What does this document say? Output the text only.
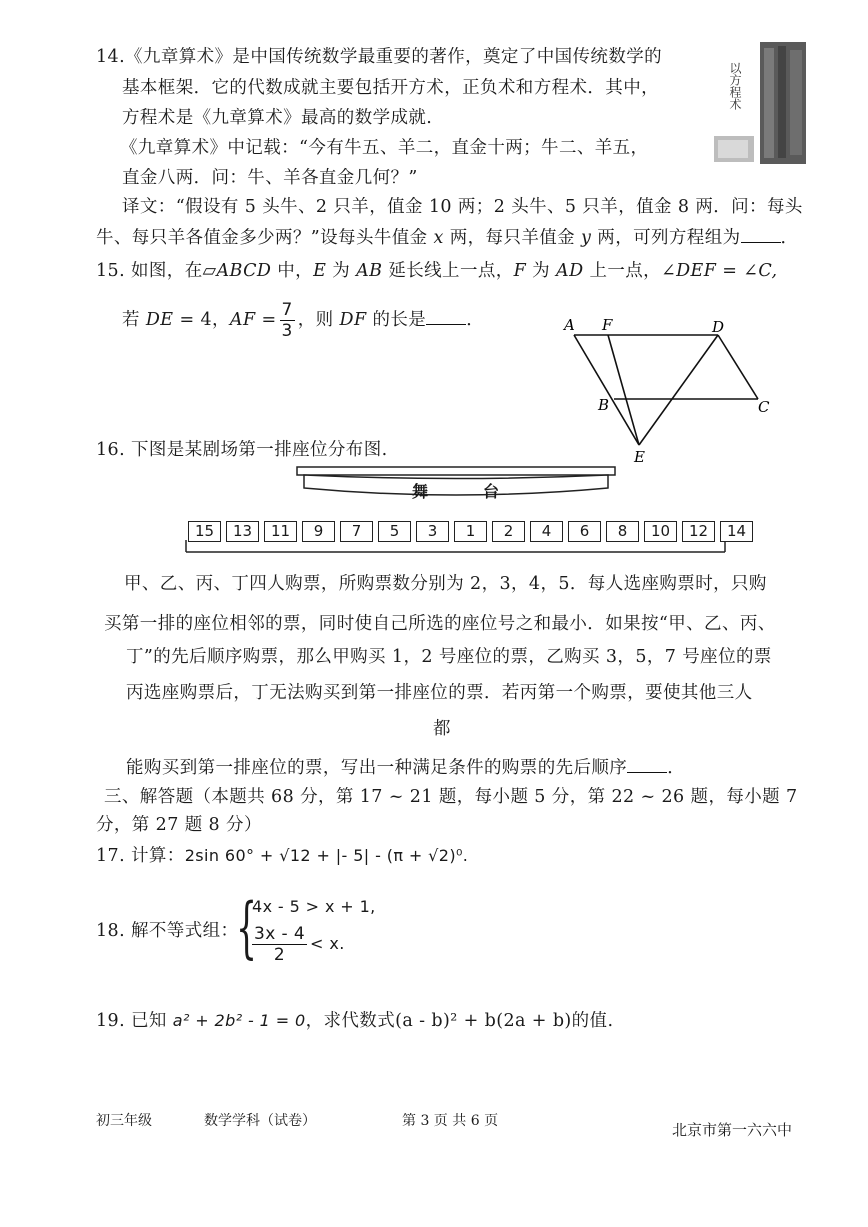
14.《九章算术》是中国传统数学最重要的著作，奠定了中国传统数学的
基本框架．它的代数成就主要包括开方术，正负术和方程术．其中，
方程术是《九章算术》最高的数学成就.
《九章算术》中记载：“今有牛五、羊二，直金十两；牛二、羊五，
直金八两．问：牛、羊各直金几何？”
以方程术
译文：“假设有 5 头牛、2 只羊，值金 10 两；2 头牛、5 只羊，值金 8 两．问：每头
牛、每只羊各值金多少两？”设每头牛值金 x 两，每只羊值金 y 两，可列方程组为 ．
15. 如图，在▱ABCD 中，E 为 AB 延长线上一点，F 为 AD 上一点，∠DEF = ∠C,
若 DE = 4，AF = $\frac{7}{3}$ ，则 DF 的长是 ．	A F	D
B	C
E
16. 下图是某剧场第一排座位分布图.
舞	台
15	13	11	9	7	5	3	1	2	4	6	8	10	12	14
甲、乙、丙、丁四人购票，所购票数分别为 2，3，4，5．每人选座购票时，只购
买第一排的座位相邻的票，同时使自己所选的座位号之和最小．如果按“甲、乙、丙、
丁”的先后顺序购票，那么甲购买 1，2 号座位的票，乙购买 3，5，7 号座位的票
丙选座购票后，丁无法购买到第一排座位的票．若丙第一个购票，要使其他三人
都
能购买到第一排座位的票，写出一种满足条件的购票的先后顺序 ．
三、解答题（本题共 68 分，第 17 ~ 21 题，每小题 5 分，第 22 ~ 26 题，每小题 7
分，第 27 题 8 分）
17. 计算：2sin 60° + √12 + |- 5| - (π + √2)⁰.
18. 解不等式组：
{
4x - 5 > x + 1,
$\frac{3x - 4}{2} < x$.
19. 已知 a² + 2b² - 1 = 0，求代数式(a - b)² + b(2a + b)的值.
初三年级	数学学科（试卷）	第 3 页 共 6 页	北京市第一六六中
